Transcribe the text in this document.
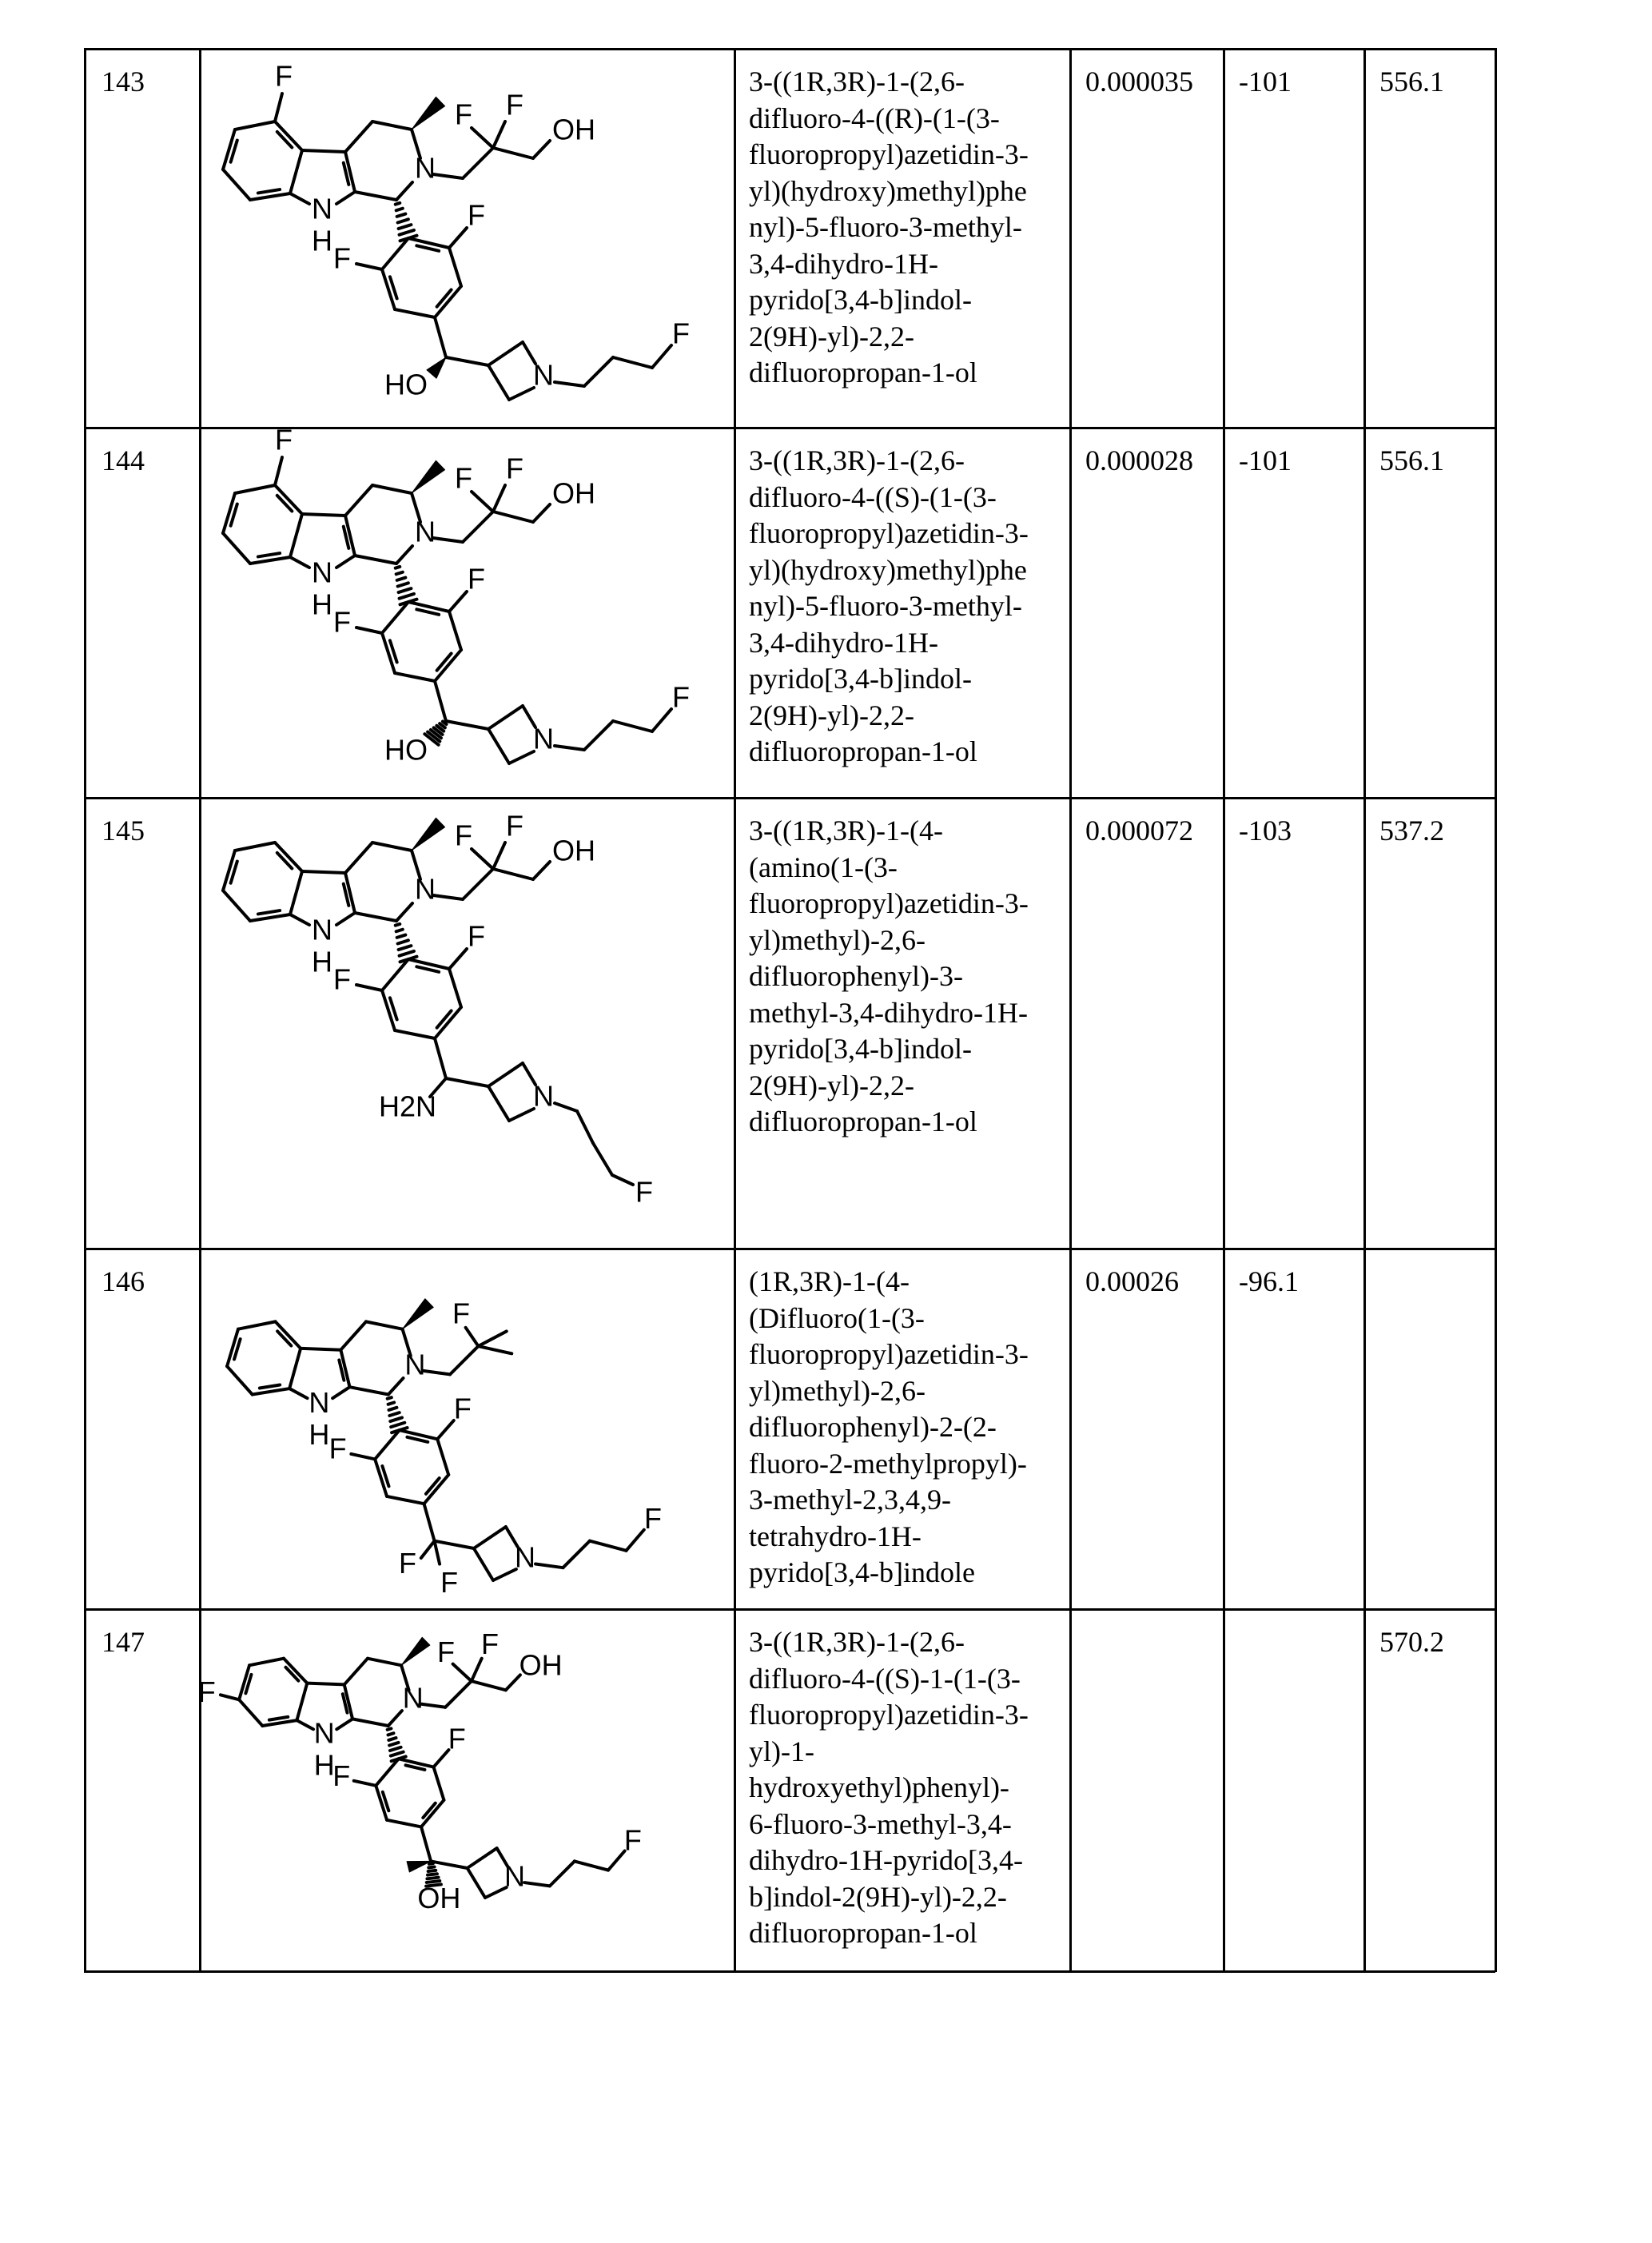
143	3-((1R,3R)-1-(2,6-
difluoro-4-((R)-(1-(3-
fluoropropyl)azetidin-3-
yl)(hydroxy)methyl)phe
nyl)-5-fluoro-3-methyl-
3,4-dihydro-1H-
pyrido[3,4-b]indol-
2(9H)-yl)-2,2-
difluoropropan-1-ol
0.000035 -101	556.1
144	3-((1R,3R)-1-(2,6-
difluoro-4-((S)-(1-(3-
fluoropropyl)azetidin-3-
yl)(hydroxy)methyl)phe
nyl)-5-fluoro-3-methyl-
3,4-dihydro-1H-
pyrido[3,4-b]indol-
2(9H)-yl)-2,2-
difluoropropan-1-ol
0.000028 -101	556.1
145	3-((1R,3R)-1-(4-
(amino(1-(3-
fluoropropyl)azetidin-3-
yl)methyl)-2,6-
difluorophenyl)-3-
methyl-3,4-dihydro-1H-
pyrido[3,4-b]indol-
2(9H)-yl)-2,2-
difluoropropan-1-ol
0.000072 -103	537.2
146	(1R,3R)-1-(4-
(Difluoro(1-(3-
fluoropropyl)azetidin-3-
yl)methyl)-2,6-
difluorophenyl)-2-(2-
fluoro-2-methylpropyl)-
3-methyl-2,3,4,9-
tetrahydro-1H-
pyrido[3,4-b]indole
0.00026 -96.1
147	3-((1R,3R)-1-(2,6-
difluoro-4-((S)-1-(1-(3-
fluoropropyl)azetidin-3-
yl)-1-
hydroxyethyl)phenyl)-
6-fluoro-3-methyl-3,4-
dihydro-1H-pyrido[3,4-
b]indol-2(9H)-yl)-2,2-
difluoropropan-1-ol
570.2
N
H
N
F
F
F
F F
OH
N
F
HO
N
H
N
F
F
F
F F
OH
N
F
HO
N
H
N
F
F
F F
OH
N
H2N
F
N
H
N
F
F
F
N
F
F
F
N
H
N
F
F
F
F F
OH
N
F
OH
